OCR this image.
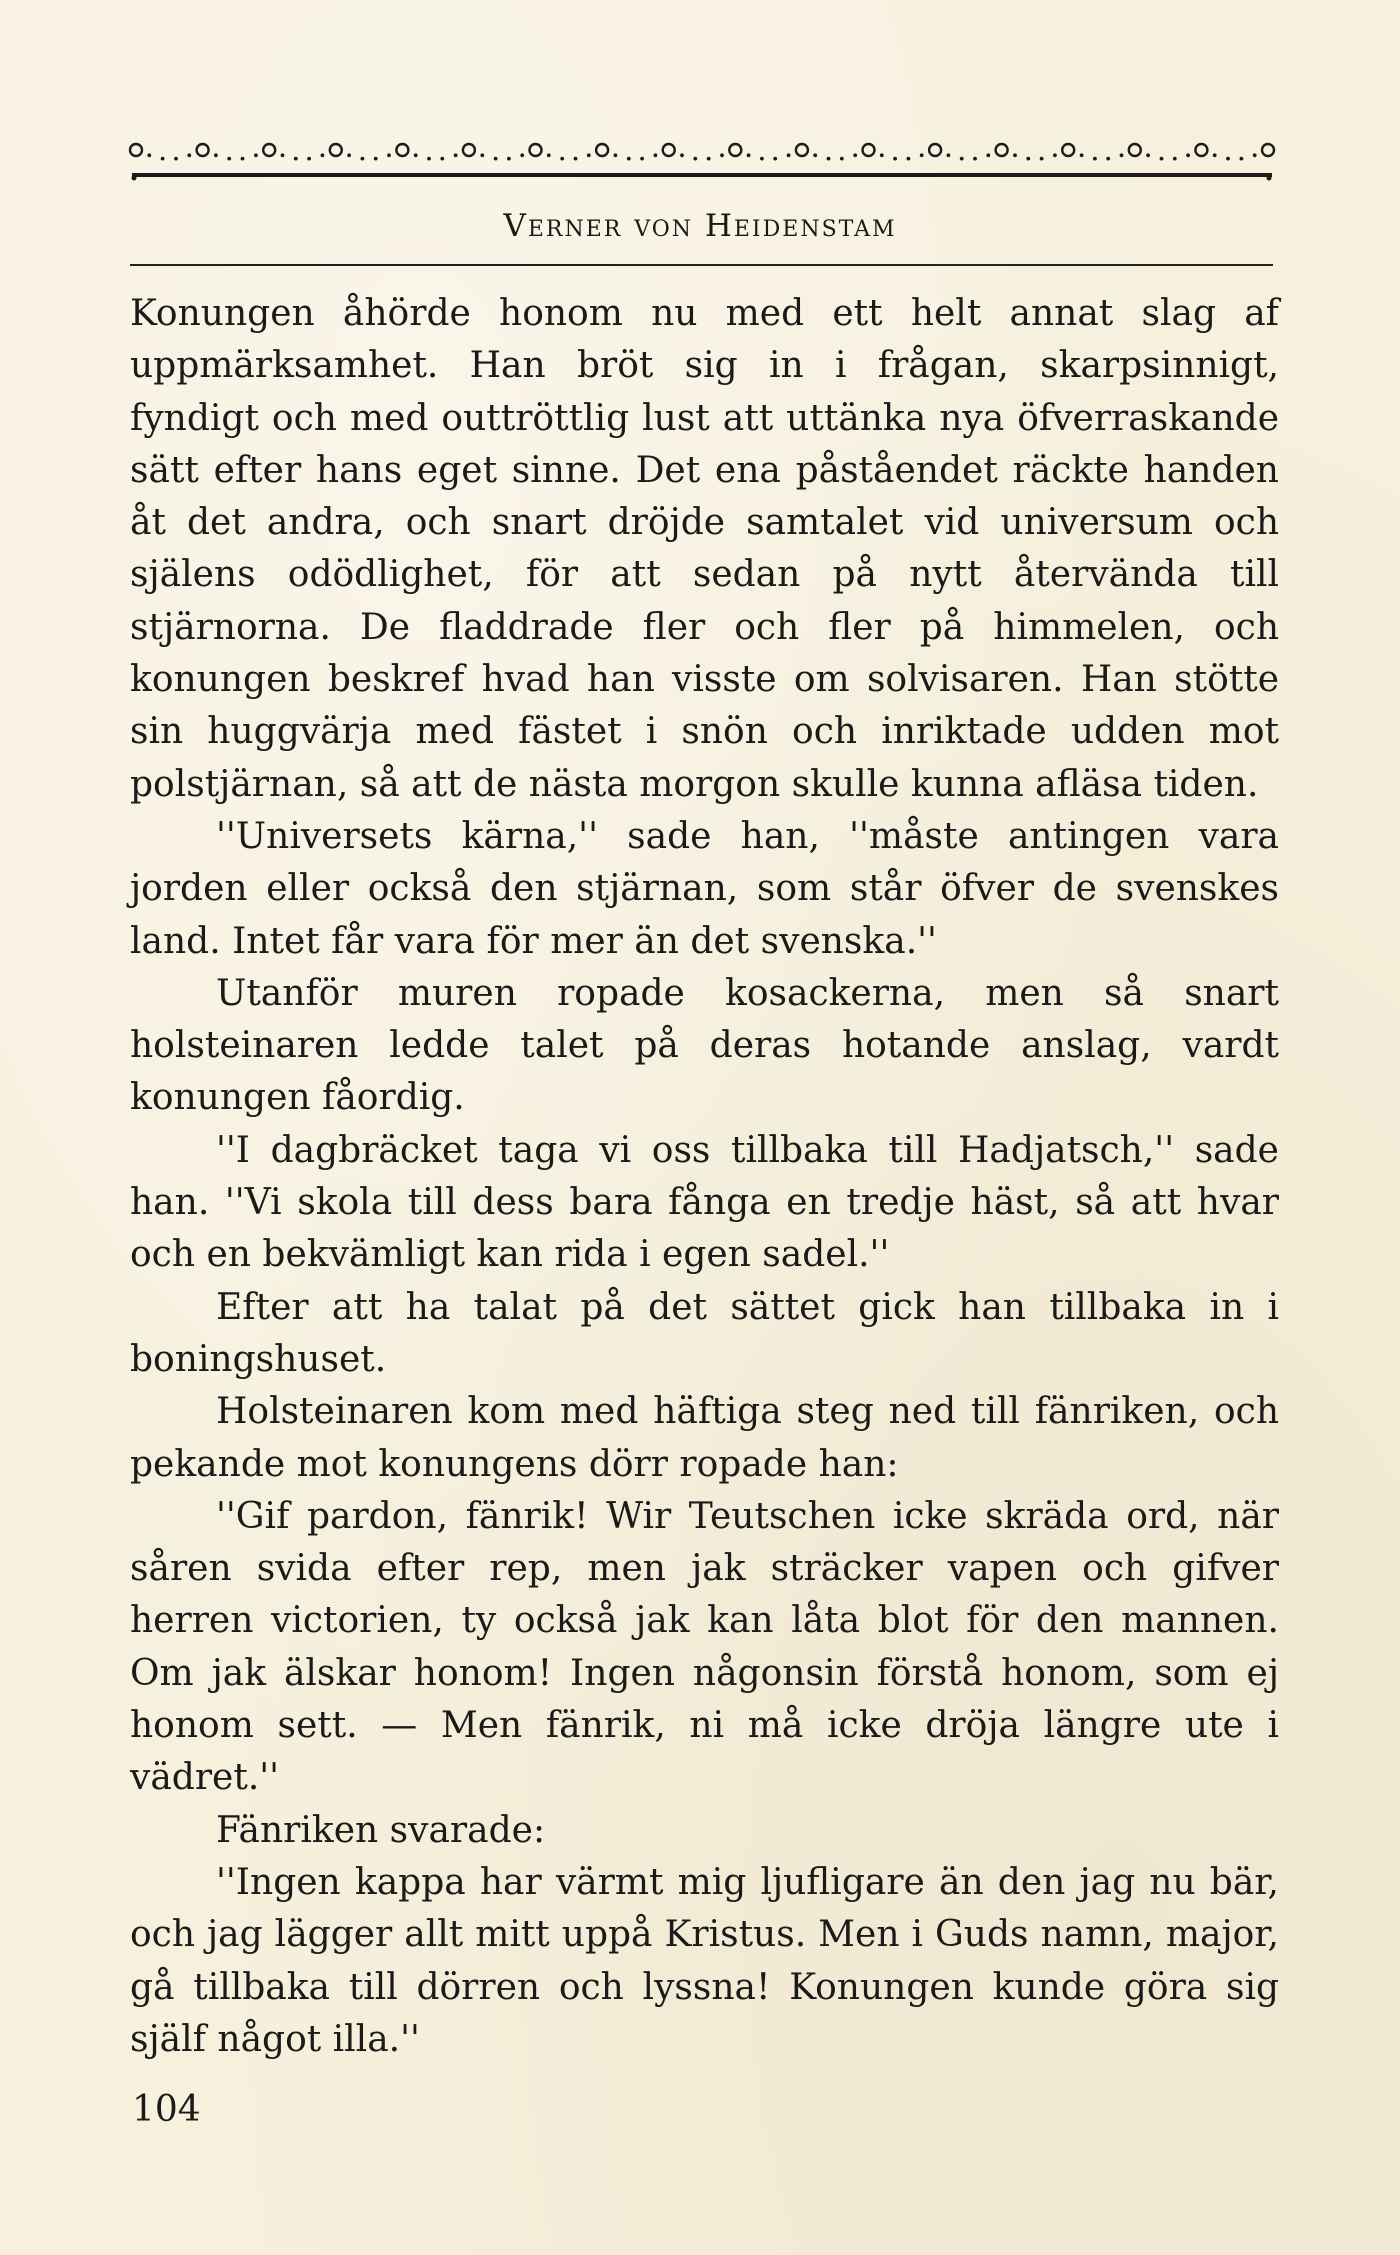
Verner von Heidenstam

Konungen åhörde honom nu med ett helt annat slag af uppmärksamhet. Han bröt sig in i frågan, skarpsinnigt, fyndigt och med outtröttlig lust att uttänka nya öfverraskande sätt efter hans eget sinne. Det ena påståendet räckte handen åt det andra, och snart dröjde samtalet vid universum och själens odödlighet, för att sedan på nytt återvända till stjärnorna. De fladdrade fler och fler på himmelen, och konungen beskref hvad han visste om solvisaren. Han stötte sin huggvärja med fästet i snön och inriktade udden mot polstjärnan, så att de nästa morgon skulle kunna afläsa tiden.

''Universets kärna,'' sade han, ''måste antingen vara jorden eller också den stjärnan, som står öfver de svenskes land. Intet får vara för mer än det svenska.''

Utanför muren ropade kosackerna, men så snart holsteinaren ledde talet på deras hotande anslag, vardt konungen fåordig.

''I dagbräcket taga vi oss tillbaka till Hadjatsch,'' sade han. ''Vi skola till dess bara fånga en tredje häst, så att hvar och en bekvämligt kan rida i egen sadel.''

Efter att ha talat på det sättet gick han tillbaka in i boningshuset.

Holsteinaren kom med häftiga steg ned till fänriken, och pekande mot konungens dörr ropade han:

''Gif pardon, fänrik! Wir Teutschen icke skräda ord, när såren svida efter rep, men jak sträcker vapen och gifver herren victorien, ty också jak kan låta blot för den mannen. Om jak älskar honom! Ingen någonsin förstå honom, som ej honom sett. — Men fänrik, ni må icke dröja längre ute i vädret.''

Fänriken svarade:

''Ingen kappa har värmt mig ljufligare än den jag nu bär, och jag lägger allt mitt uppå Kristus. Men i Guds namn, major, gå tillbaka till dörren och lyssna! Konungen kunde göra sig själf något illa.''

104
